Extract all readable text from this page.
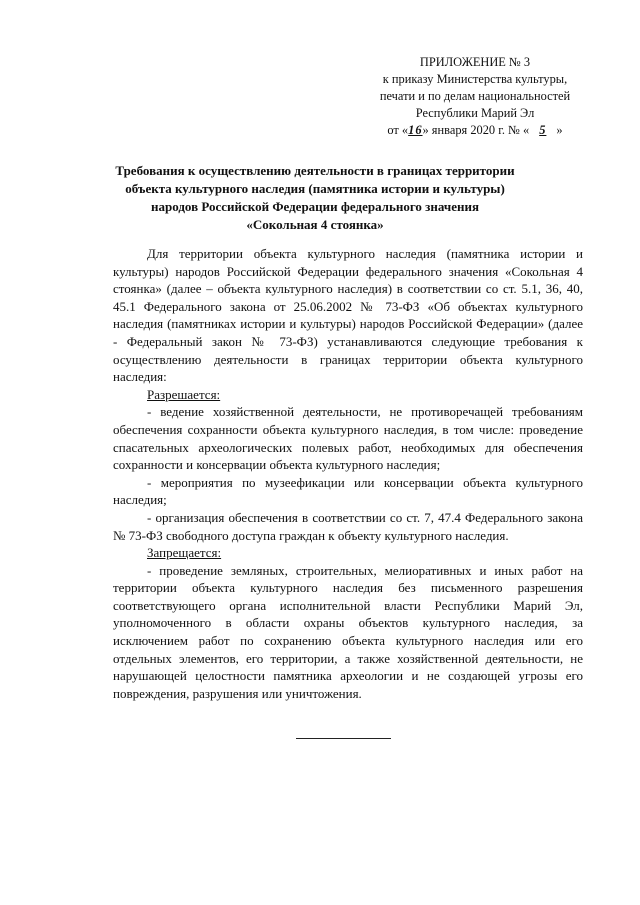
ПРИЛОЖЕНИЕ № 3
к приказу Министерства культуры,
печати и по делам национальностей
Республики Марий Эл
от «16» января 2020 г. № « 5 »
Требования к осуществлению деятельности в границах территории
объекта культурного наследия (памятника истории и культуры)
народов Российской Федерации федерального значения
«Сокольная 4 стоянка»

Для территории объекта культурного наследия (памятника истории и культуры) народов Российской Федерации федерального значения «Сокольная 4 стоянка» (далее – объекта культурного наследия) в соответствии со ст. 5.1, 36, 40, 45.1 Федерального закона от 25.06.2002 № 73-ФЗ «Об объектах культурного наследия (памятниках истории и культуры) народов Российской Федерации» (далее - Федеральный закон № 73-ФЗ) устанавливаются следующие требования к осуществлению деятельности в границах территории объекта культурного наследия:

Разрешается:

- ведение хозяйственной деятельности, не противоречащей требованиям обеспечения сохранности объекта культурного наследия, в том числе: проведение спасательных археологических полевых работ, необходимых для обеспечения сохранности и консервации объекта культурного наследия;

- мероприятия по музеефикации или консервации объекта культурного наследия;

- организация обеспечения в соответствии со ст. 7, 47.4 Федерального закона № 73-ФЗ свободного доступа граждан к объекту культурного наследия.

Запрещается:

- проведение земляных, строительных, мелиоративных и иных работ на территории объекта культурного наследия без письменного разрешения соответствующего органа исполнительной власти Республики Марий Эл, уполномоченного в области охраны объектов культурного наследия, за исключением работ по сохранению объекта культурного наследия или его отдельных элементов, его территории, а также хозяйственной деятельности, не нарушающей целостности памятника археологии и не создающей угрозы его повреждения, разрушения или уничтожения.
